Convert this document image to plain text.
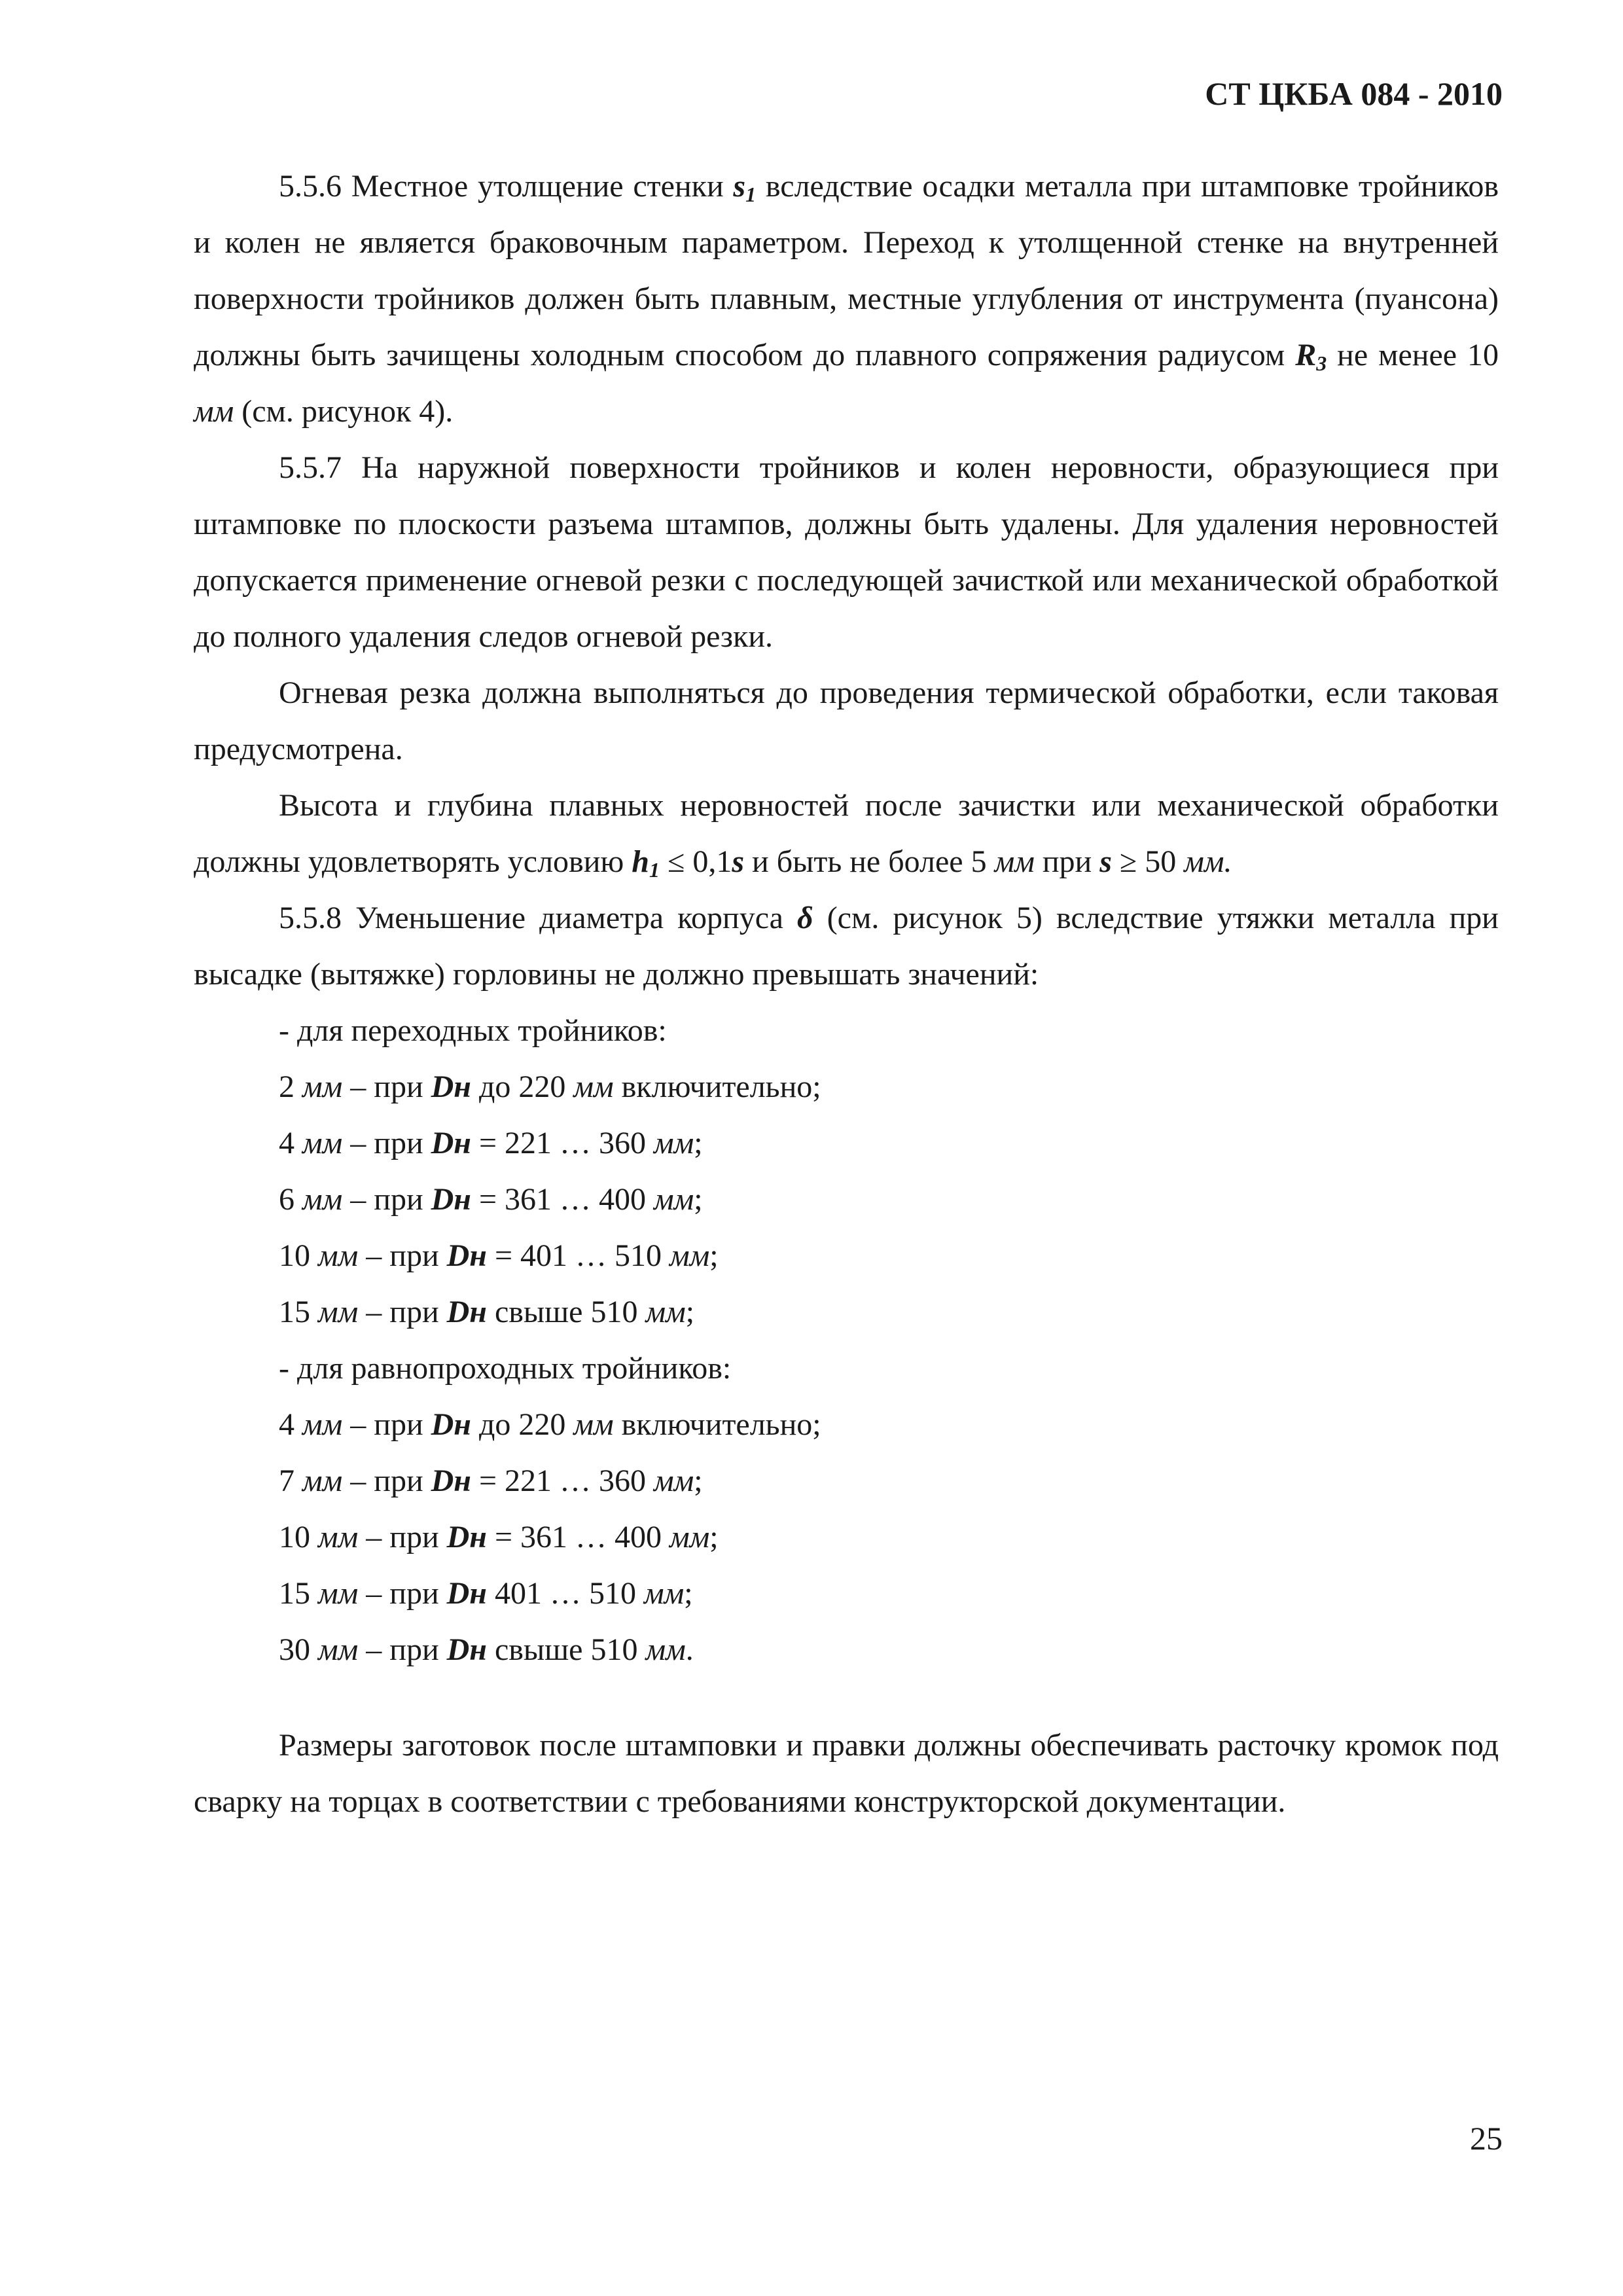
СТ ЦКБА 084 - 2010
5.5.6 Местное утолщение стенки $s_1$ вследствие осадки металла при штамповке тройников и колен не является браковочным параметром. Переход к утолщенной стенке на внутренней поверхности тройников должен быть плавным, местные углубления от инструмента (пуансона) должны быть зачищены холодным способом до плавного сопряжения радиусом $R_3$ не менее 10 мм (см. рисунок 4).
5.5.7 На наружной поверхности тройников и колен неровности, образующиеся при штамповке по плоскости разъема штампов, должны быть удалены. Для удаления неровностей допускается применение огневой резки с последующей зачисткой или механической обработкой до полного удаления следов огневой резки.
Огневая резка должна выполняться до проведения термической обработки, если таковая предусмотрена.
Высота и глубина плавных неровностей после зачистки или механической обработки должны удовлетворять условию $h_1 \le 0,1s$ и быть не более 5 мм при s ≥ 50 мм.
5.5.8 Уменьшение диаметра корпуса δ (см. рисунок 5) вследствие утяжки металла при высадке (вытяжке) горловины не должно превышать значений:
- для переходных тройников:
2 мм – при Dн до 220 мм включительно;
4 мм – при Dн = 221 … 360 мм;
6 мм – при Dн = 361 … 400 мм;
10 мм – при Dн = 401 … 510 мм;
15 мм – при Dн свыше 510 мм;
- для равнопроходных тройников:
4 мм – при Dн до 220 мм включительно;
7 мм – при Dн = 221 … 360 мм;
10 мм – при Dн = 361 … 400 мм;
15 мм – при Dн 401 … 510 мм;
30 мм – при Dн свыше 510 мм.
Размеры заготовок после штамповки и правки должны обеспечивать расточку кромок под сварку на торцах в соответствии с требованиями конструкторской документации.
25
